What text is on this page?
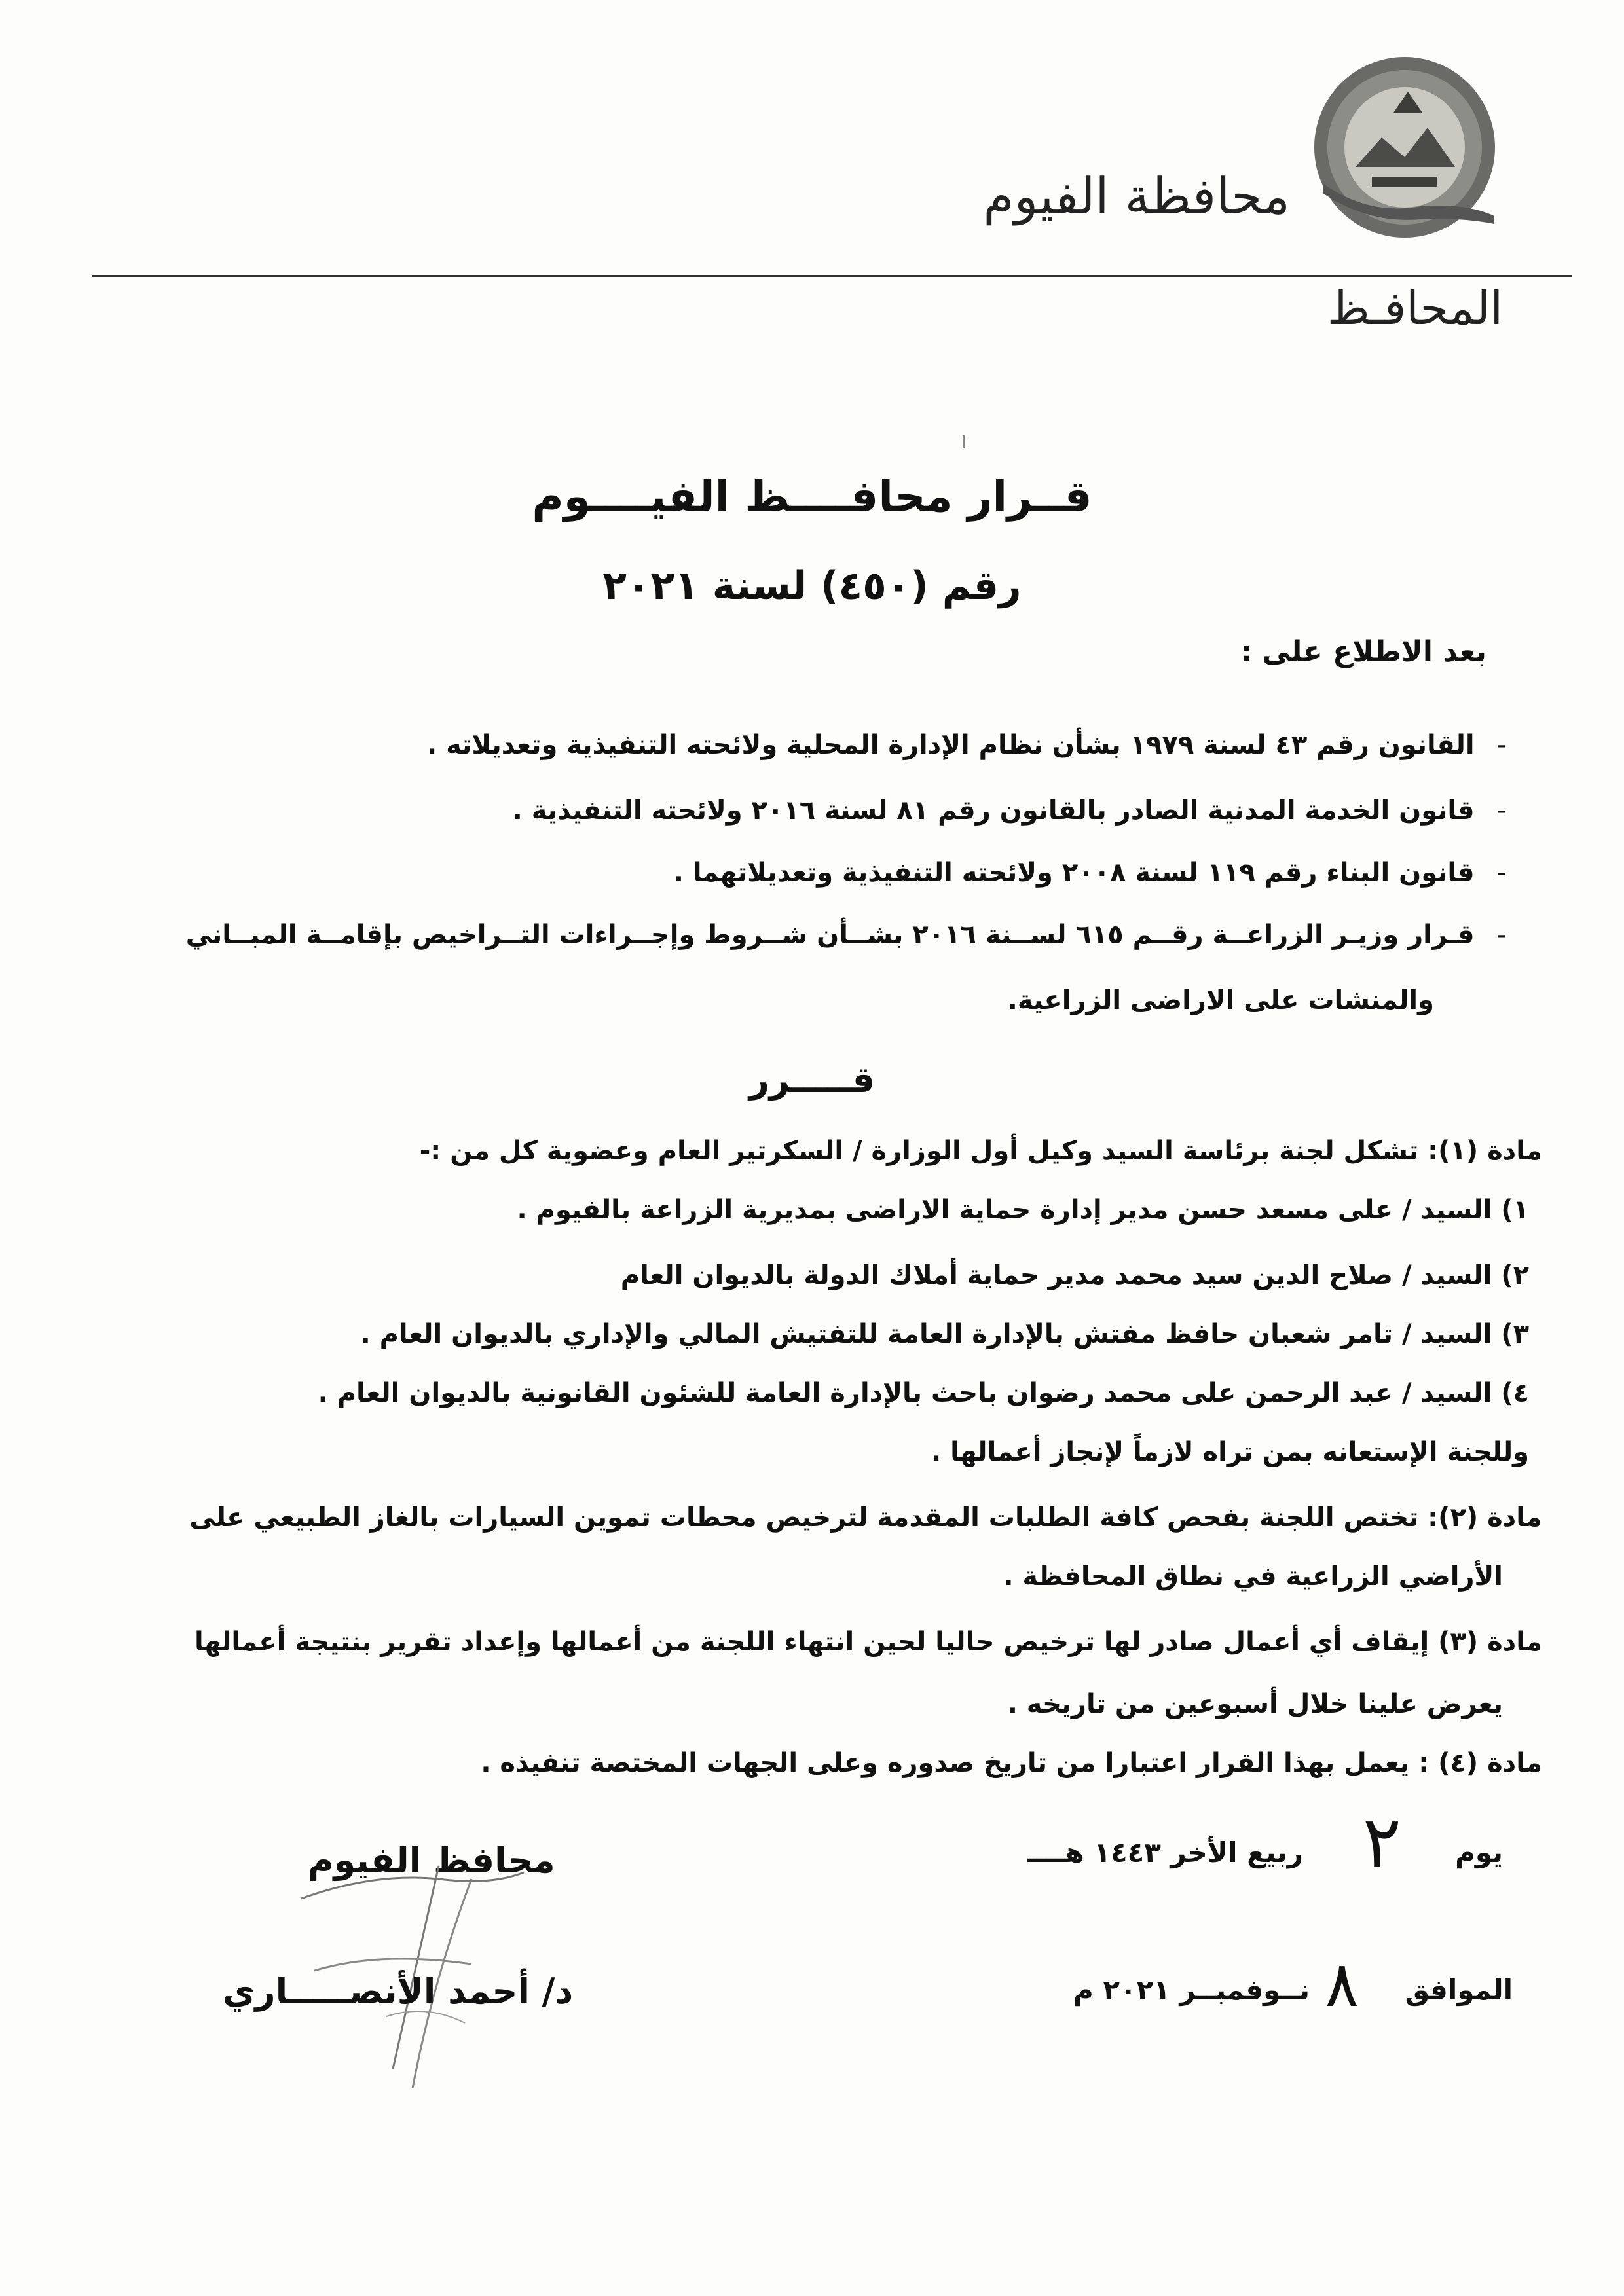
محافظة الفيوم
المحافـظ
قــرار محافــــظ الفيــــوم
رقم (٤٥٠) لسنة ٢٠٢١
بعد الاطلاع على :
-القانون رقم ٤٣ لسنة ١٩٧٩ بشأن نظام الإدارة المحلية ولائحته التنفيذية وتعديلاته .
-قانون الخدمة المدنية الصادر بالقانون رقم ٨١ لسنة ٢٠١٦ ولائحته التنفيذية .
-قانون البناء رقم ١١٩ لسنة ٢٠٠٨ ولائحته التنفيذية وتعديلاتهما .
-قـرار وزيـر الزراعــة رقــم ٦١٥ لســنة ٢٠١٦ بشــأن شــروط وإجــراءات التــراخيص بإقامــة المبــاني
والمنشات على الاراضى الزراعية.
قـــــرر
مادة (١): تشكل لجنة برئاسة السيد وكيل أول الوزارة / السكرتير العام وعضوية كل من :-
١) السيد / على مسعد حسن مدير إدارة حماية الاراضى بمديرية الزراعة بالفيوم .
٢) السيد / صلاح الدين سيد محمد مدير حماية أملاك الدولة بالديوان العام
٣) السيد / تامر شعبان حافظ مفتش بالإدارة العامة للتفتيش المالي والإداري بالديوان العام .
٤) السيد / عبد الرحمن على محمد رضوان باحث بالإدارة العامة للشئون القانونية بالديوان العام .
وللجنة الإستعانه بمن تراه لازماً لإنجاز أعمالها .
مادة (٢): تختص اللجنة بفحص كافة الطلبات المقدمة لترخيص محطات تموين السيارات بالغاز الطبيعي على
الأراضي الزراعية في نطاق المحافظة .
مادة (٣) إيقاف أي أعمال صادر لها ترخيص حاليا لحين انتهاء اللجنة من أعمالها وإعداد تقرير بنتيجة أعمالها
يعرض علينا خلال أسبوعين من تاريخه .
مادة (٤) : يعمل بهذا القرار اعتبارا من تاريخ صدوره وعلى الجهات المختصة تنفيذه .
يوم
٢
ربيع الأخر ١٤٤٣ هــــ
الموافق
٨
نــوفمبــر ٢٠٢١ م
محافظ الفيوم
د/ أحمد الأنصـــــاري
